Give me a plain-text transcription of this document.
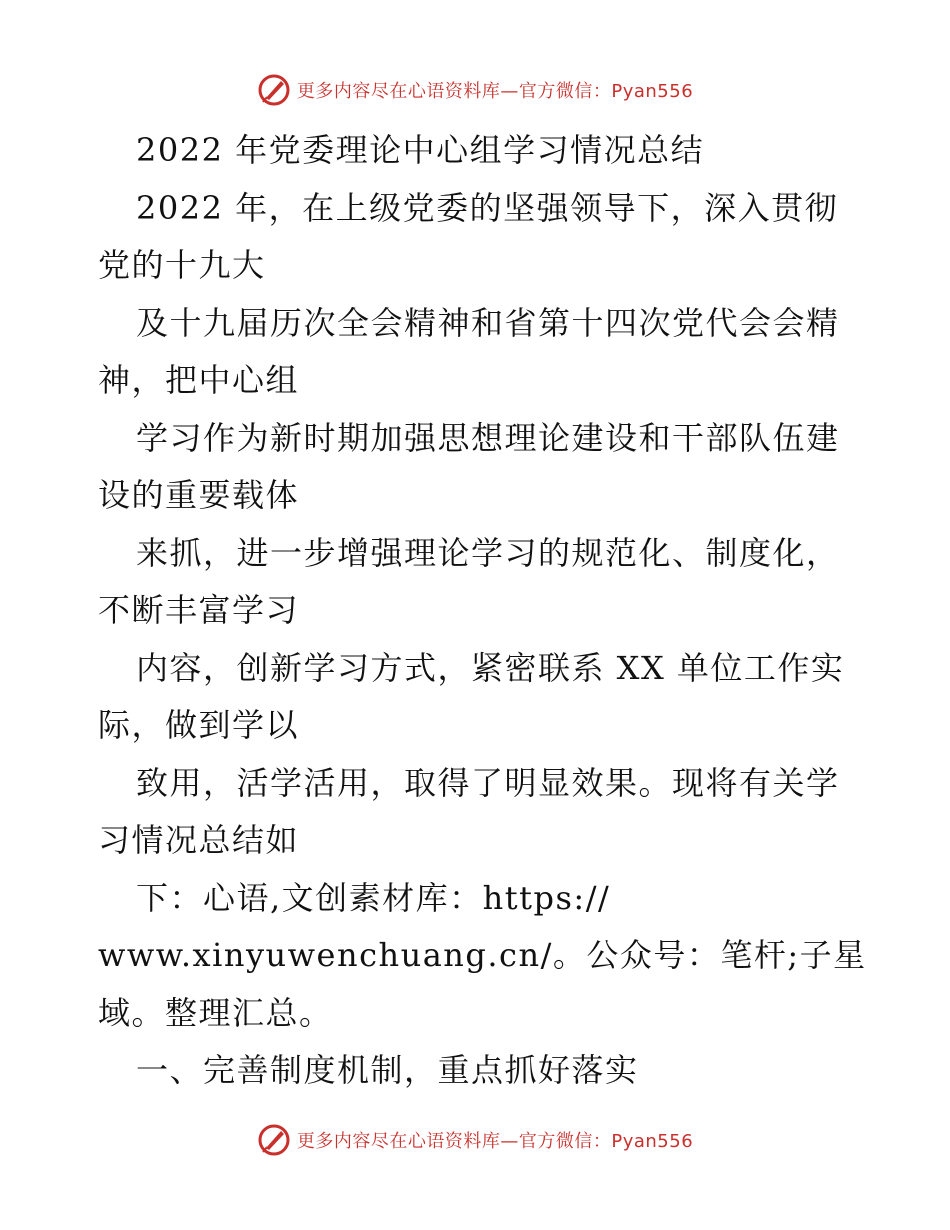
更多内容尽在心语资料库—官方微信：Pyan556
2022 年党委理论中心组学习情况总结
2022 年，在上级党委的坚强领导下，深入贯彻
党的十九大
及十九届历次全会精神和省第十四次党代会会精
神，把中心组
学习作为新时期加强思想理论建设和干部队伍建
设的重要载体
来抓，进一步增强理论学习的规范化、制度化，
不断丰富学习
内容，创新学习方式，紧密联系 XX 单位工作实
际，做到学以
致用，活学活用，取得了明显效果。现将有关学
习情况总结如
下：心语,文创素材库：https://
www.xinyuwenchuang.cn/。公众号：笔杆;子星
域。整理汇总。
一、完善制度机制，重点抓好落实
更多内容尽在心语资料库—官方微信：Pyan556
